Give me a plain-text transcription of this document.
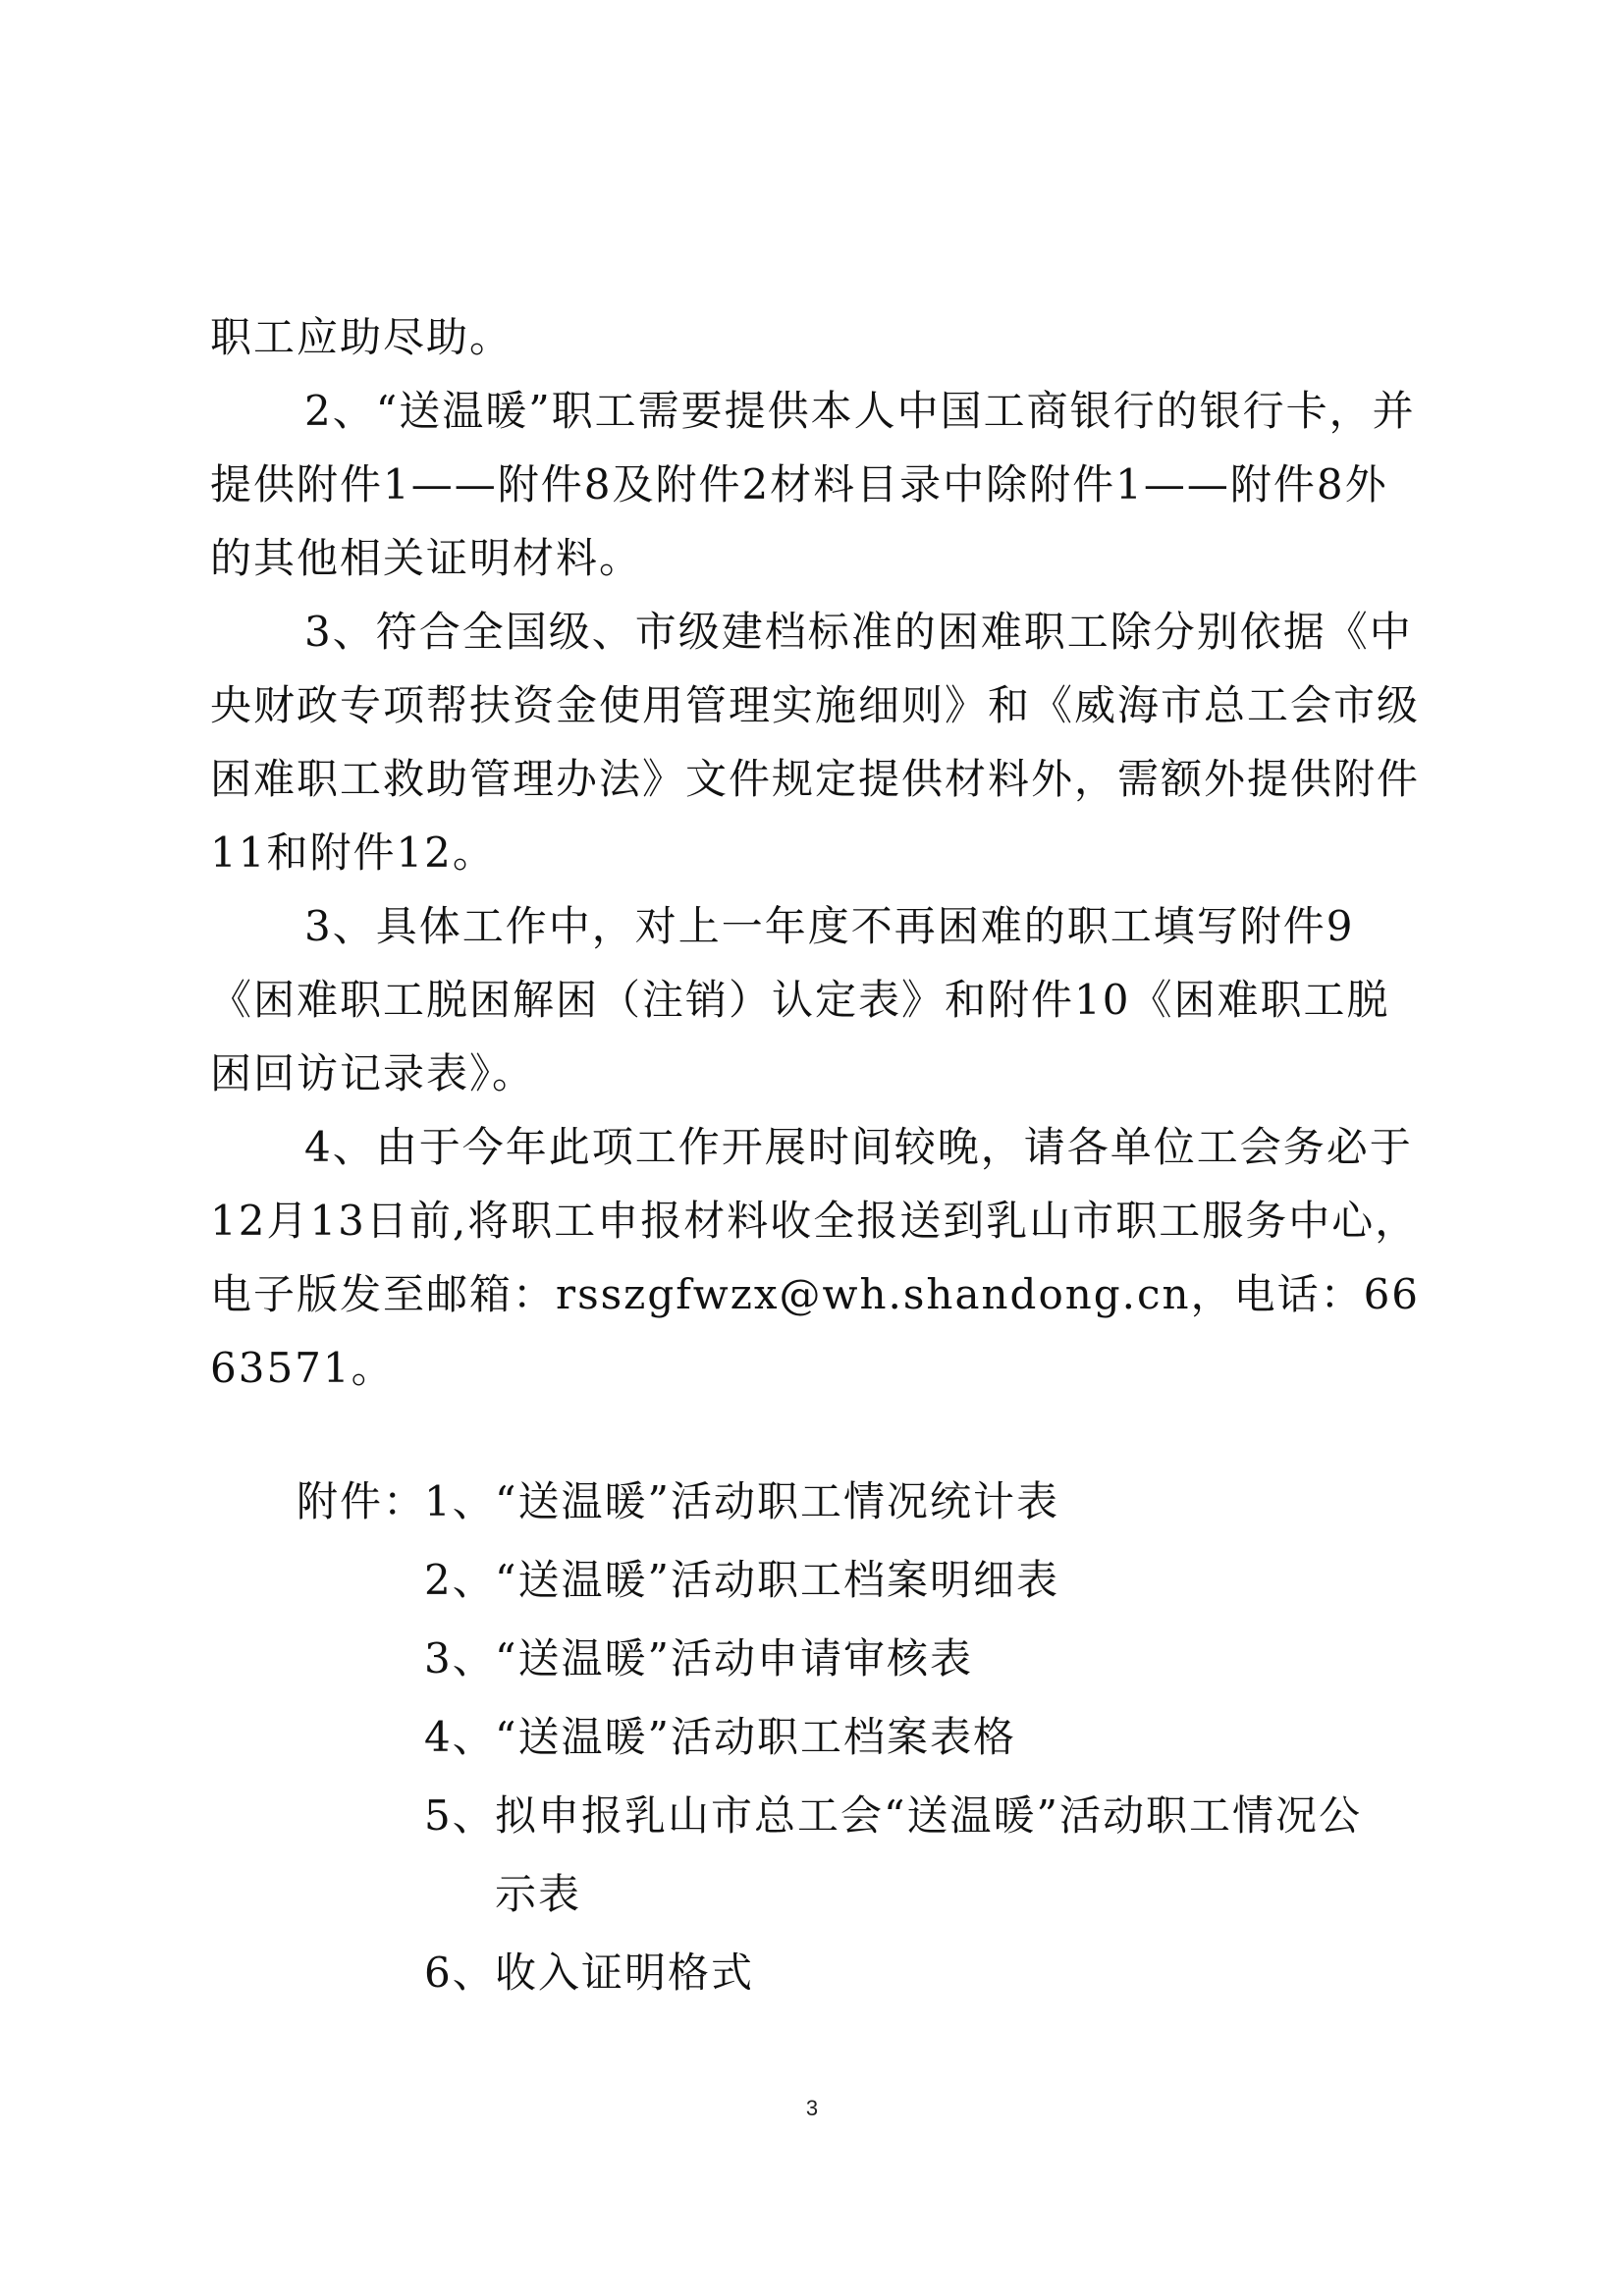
职工应助尽助。

2、“送温暖”职工需要提供本人中国工商银行的银行卡，并提供附件1——附件8及附件2材料目录中除附件1——附件8外的其他相关证明材料。

3、符合全国级、市级建档标准的困难职工除分别依据《中央财政专项帮扶资金使用管理实施细则》和《威海市总工会市级困难职工救助管理办法》文件规定提供材料外，需额外提供附件11和附件12。

3、具体工作中，对上一年度不再困难的职工填写附件9《困难职工脱困解困（注销）认定表》和附件10《困难职工脱困回访记录表》。

4、由于今年此项工作开展时间较晚，请各单位工会务必于12月13日前,将职工申报材料收全报送到乳山市职工服务中心，电子版发至邮箱：rsszgfwzx@wh.shandong.cn，电话：6663571。

附件：
1、 “送温暖”活动职工情况统计表
2、 “送温暖”活动职工档案明细表
3、 “送温暖”活动申请审核表
4、 “送温暖”活动职工档案表格
5、 拟申报乳山市总工会“送温暖”活动职工情况公
示表
6、 收入证明格式
3
